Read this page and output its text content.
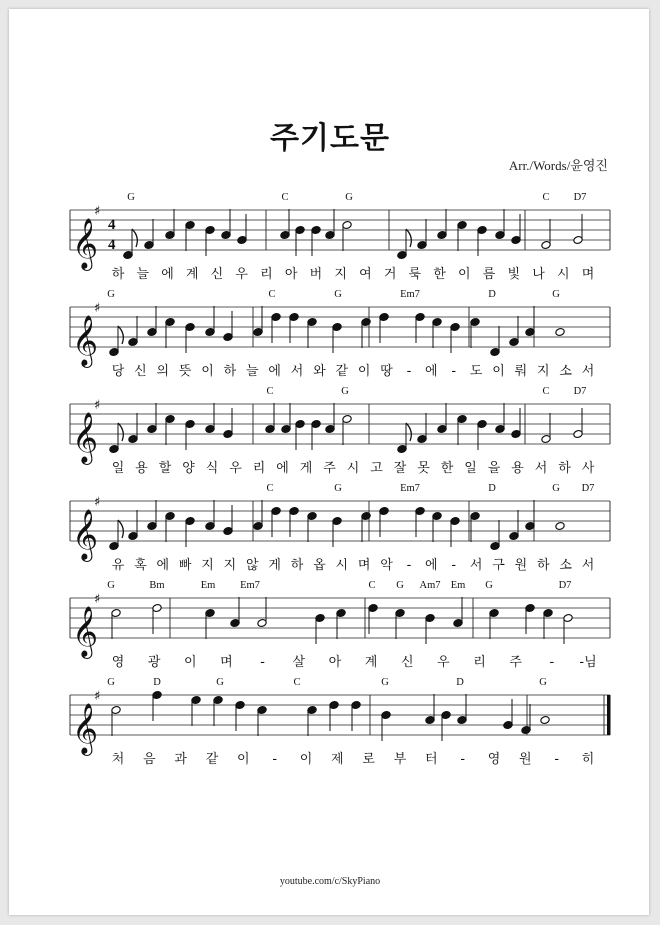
주기도문
Arr./Words/윤영진
𝄞
♯
4
4
G	C	G	C D7
하 늘 에 계 신 우 리 아 버 지 여 거 룩 한 이 름 빛 나 시 며
𝄞
♯
G	C	G	Em7	D	G
당 신 의 뜻 이 하 늘 에 서 와 같 이 땅 - 에 - 도 이 뤄 지 소 서
𝄞
♯
C	G	C D7
일 용 할 양 식 우 리 에 게 주 시 고 잘 못 한 일 을 용 서 하 사
𝄞
♯
C	G	Em7	D	G D7
유 혹 에 빠 지 지 않 게 하 옵 시 며 악 - 에 - 서 구 원 하 소 서
𝄞
♯
G	Bm	Em Em7	C G Am7 Em G	D7
영 광 이 며 - 살 아 계 신 우 리 주 - -님
𝄞
♯
G	D	G	C	G	D	G
처 음 과 같 이 - 이 제 로 부 터 - 영 원 - 히
youtube.com/c/SkyPiano
